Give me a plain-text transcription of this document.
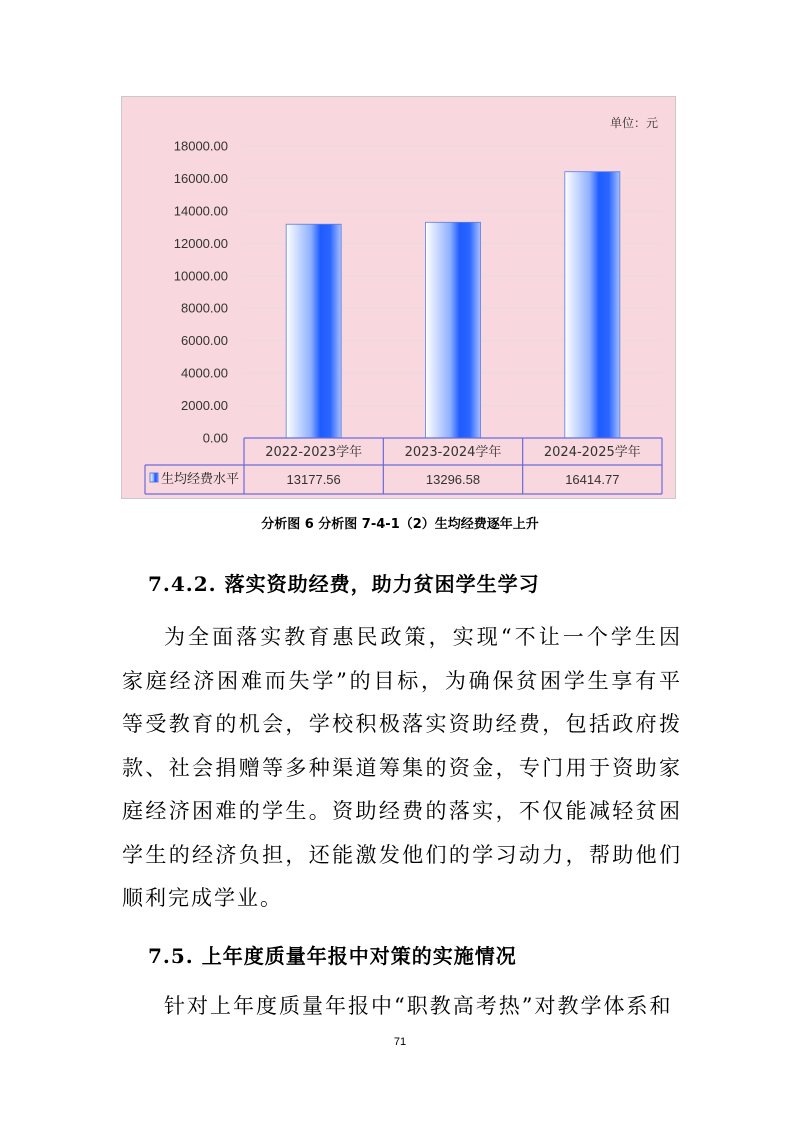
单位：元
0.00
2000.00
4000.00
6000.00
8000.00
10000.00
12000.00
14000.00
16000.00
18000.00
2022-2023学年	2023-2024学年	2024-2025学年
生均经费水平	13177.56	13296.58	16414.77
分析图 6 分析图 7-4-1（2）生均经费逐年上升
7.4.2. 落实资助经费，助力贫困学生学习
为全面落实教育惠民政策，实现“不让一个学生因家庭经济困难而失学”的目标，为确保贫困学生享有平等受教育的机会，学校积极落实资助经费，包括政府拨款、社会捐赠等多种渠道筹集的资金，专门用于资助家庭经济困难的学生。资助经费的落实，不仅能减轻贫困学生的经济负担，还能激发他们的学习动力，帮助他们顺利完成学业。
7.5. 上年度质量年报中对策的实施情况
针对上年度质量年报中“职教高考热”对教学体系和
71
